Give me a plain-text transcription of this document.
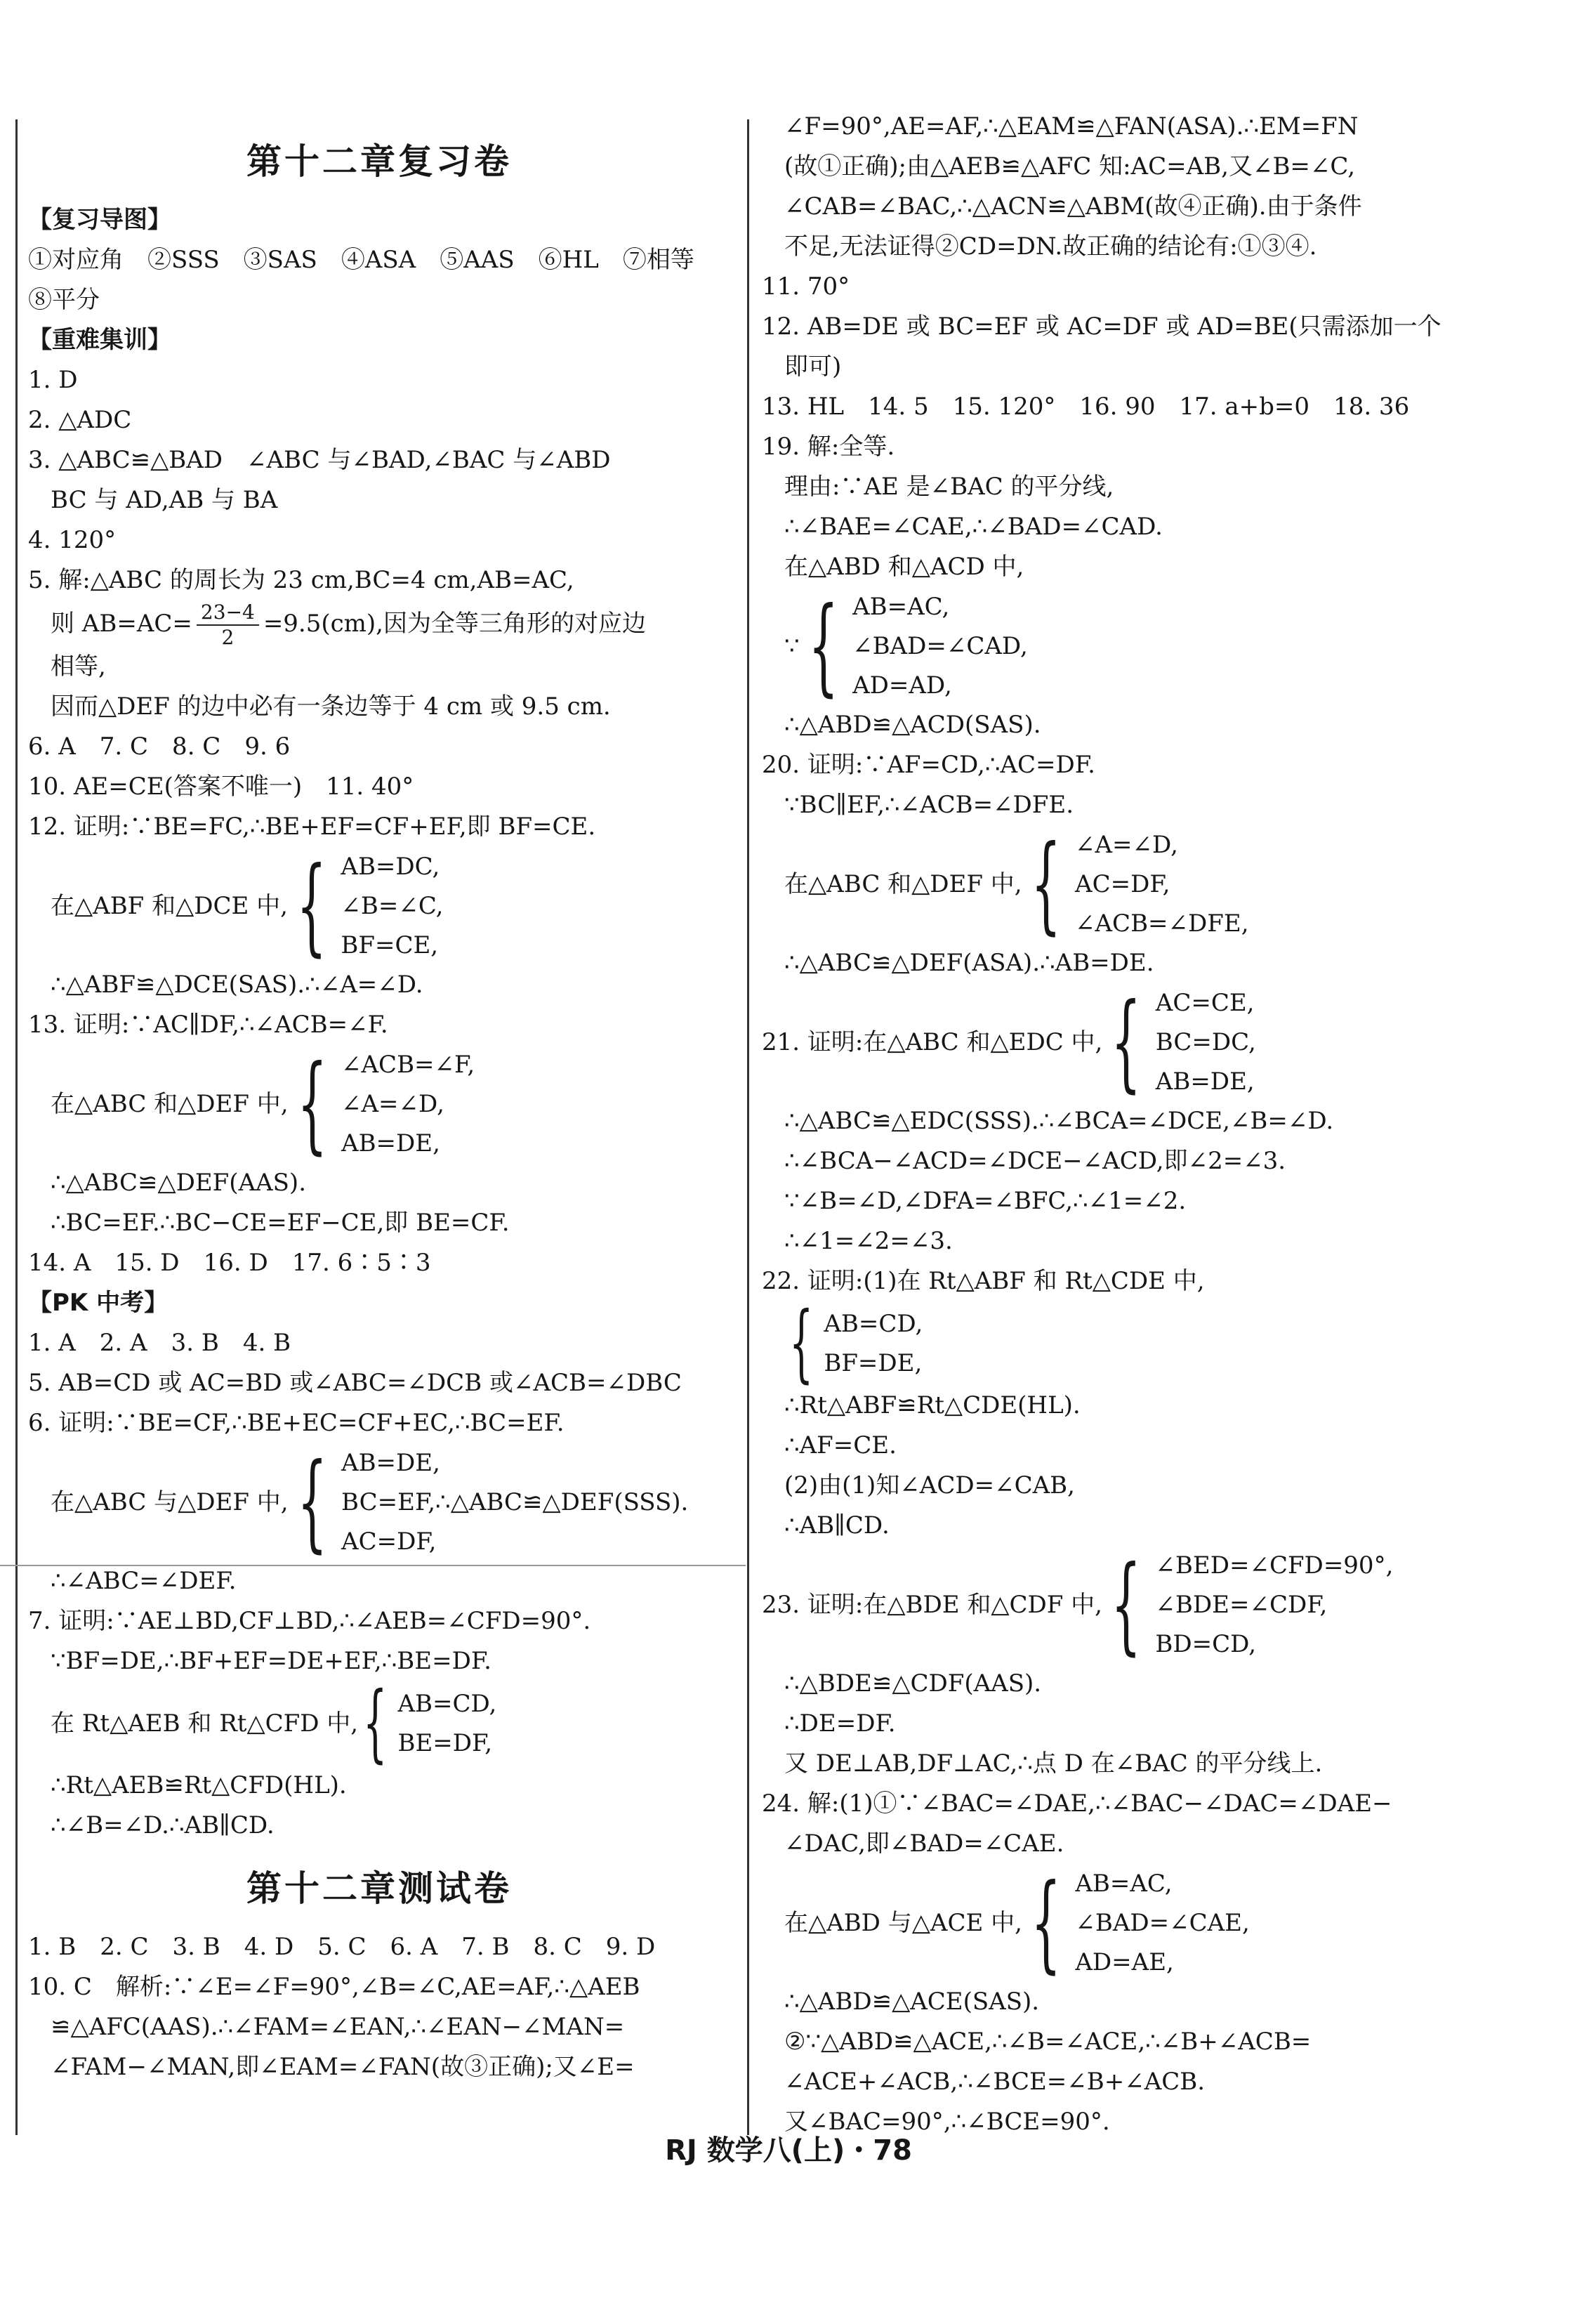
第十二章复习卷
【复习导图】
①对应角　②SSS　③SAS　④ASA　⑤AAS　⑥HL　⑦相等
⑧平分
【重难集训】
1. D
2. △ADC
3. △ABC≌△BAD　∠ABC 与∠BAD,∠BAC 与∠ABD
BC 与 AD,AB 与 BA
4. 120°
5. 解:△ABC 的周长为 23 cm,BC=4 cm,AB=AC,
则 $AB=AC= \frac{23-4}{2} =9.5(cm)$,因为全等三角形的对应边
相等,
因而△DEF 的边中必有一条边等于 4 cm 或 9.5 cm.
6. A　7. C　8. C　9. 6
10. AE=CE(答案不唯一)　11. 40°
12. 证明:∵BE=FC,∴BE+EF=CF+EF,即 BF=CE.
在△ABF 和△DCE 中, { AB=DC,
∠B=∠C,
BF=CE,
∴△ABF≌△DCE(SAS).∴∠A=∠D.
13. 证明:∵AC∥DF,∴∠ACB=∠F.
在△ABC 和△DEF 中, { ∠ACB=∠F,
∠A=∠D,
AB=DE,
∴△ABC≌△DEF(AAS).
∴BC=EF.∴BC−CE=EF−CE,即 BE=CF.
14. A　15. D　16. D　17. 6∶5∶3
【PK 中考】
1. A　2. A　3. B　4. B
5. AB=CD 或 AC=BD 或∠ABC=∠DCB 或∠ACB=∠DBC
6. 证明:∵BE=CF,∴BE+EC=CF+EC,∴BC=EF.
在△ABC 与△DEF 中, { AB=DE,
BC=EF,∴△ABC≌△DEF(SSS).
AC=DF,
∴∠ABC=∠DEF.
7. 证明:∵AE⊥BD,CF⊥BD,∴∠AEB=∠CFD=90°.
∵BF=DE,∴BF+EF=DE+EF,∴BE=DF.
在 Rt△AEB 和 Rt△CFD 中, { AB=CD,
BE=DF,
∴Rt△AEB≌Rt△CFD(HL).
∴∠B=∠D.∴AB∥CD.
第十二章测试卷
1. B　2. C　3. B　4. D　5. C　6. A　7. B　8. C　9. D
10. C　解析:∵∠E=∠F=90°,∠B=∠C,AE=AF,∴△AEB
≌△AFC(AAS).∴∠FAM=∠EAN,∴∠EAN−∠MAN=
∠FAM−∠MAN,即∠EAM=∠FAN(故③正确);又∠E=
∠F=90°,AE=AF,∴△EAM≌△FAN(ASA).∴EM=FN
(故①正确);由△AEB≌△AFC 知:AC=AB,又∠B=∠C,
∠CAB=∠BAC,∴△ACN≌△ABM(故④正确).由于条件
不足,无法证得②CD=DN.故正确的结论有:①③④.
11. 70°
12. AB=DE 或 BC=EF 或 AC=DF 或 AD=BE(只需添加一个
即可)
13. HL　14. 5　15. 120°　16. 90　17. a+b=0　18. 36
19. 解:全等.
理由:∵AE 是∠BAC 的平分线,
∴∠BAE=∠CAE,∴∠BAD=∠CAD.
在△ABD 和△ACD 中,
∵ { AB=AC,
∠BAD=∠CAD,
AD=AD,
∴△ABD≌△ACD(SAS).
20. 证明:∵AF=CD,∴AC=DF.
∵BC∥EF,∴∠ACB=∠DFE.
在△ABC 和△DEF 中, { ∠A=∠D,
AC=DF,
∠ACB=∠DFE,
∴△ABC≌△DEF(ASA).∴AB=DE.
21. 证明:在△ABC 和△EDC 中, { AC=CE,
BC=DC,
AB=DE,
∴△ABC≌△EDC(SSS).∴∠BCA=∠DCE,∠B=∠D.
∴∠BCA−∠ACD=∠DCE−∠ACD,即∠2=∠3.
∵∠B=∠D,∠DFA=∠BFC,∴∠1=∠2.
∴∠1=∠2=∠3.
22. 证明:(1)在 Rt△ABF 和 Rt△CDE 中,
{ AB=CD,
BF=DE,
∴Rt△ABF≌Rt△CDE(HL).
∴AF=CE.
(2)由(1)知∠ACD=∠CAB,
∴AB∥CD.
23. 证明:在△BDE 和△CDF 中, { ∠BED=∠CFD=90°,
∠BDE=∠CDF,
BD=CD,
∴△BDE≌△CDF(AAS).
∴DE=DF.
又 DE⊥AB,DF⊥AC,∴点 D 在∠BAC 的平分线上.
24. 解:(1)①∵∠BAC=∠DAE,∴∠BAC−∠DAC=∠DAE−
∠DAC,即∠BAD=∠CAE.
在△ABD 与△ACE 中, { AB=AC,
∠BAD=∠CAE,
AD=AE,
∴△ABD≌△ACE(SAS).
②∵△ABD≌△ACE,∴∠B=∠ACE,∴∠B+∠ACB=
∠ACE+∠ACB,∴∠BCE=∠B+∠ACB.
又∠BAC=90°,∴∠BCE=90°.
RJ 数学八(上)・78
